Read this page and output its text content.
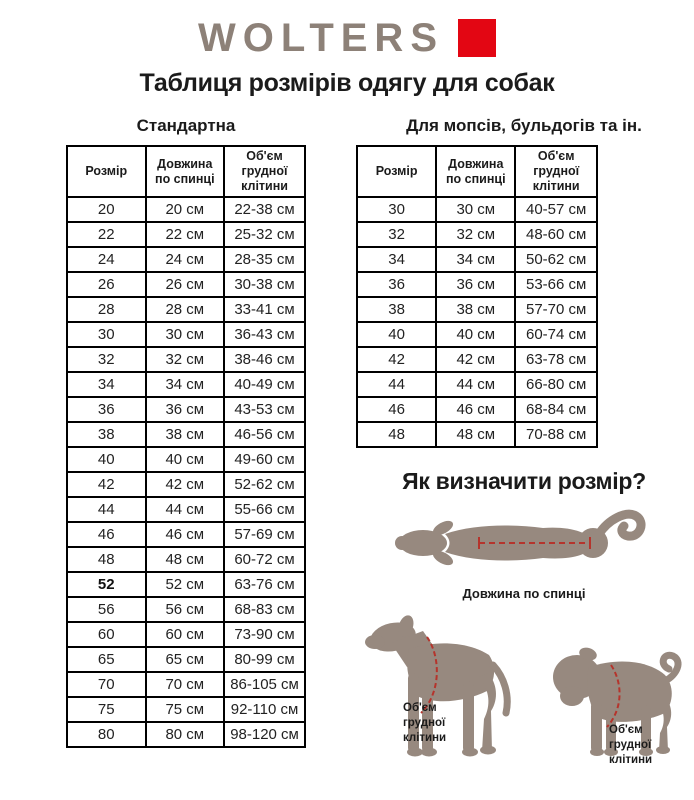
WOLTERS
Таблиця розмірів одягу для собак
Стандартна
Розмір	Довжина по спинці	Об'єм грудної клітини
20	20 см	22-38 см
22	22 см	25-32 см
24	24 см	28-35 см
26	26 см	30-38 см
28	28 см	33-41 см
30	30 см	36-43 см
32	32 см	38-46 см
34	34 см	40-49 см
36	36 см	43-53 см
38	38 см	46-56 см
40	40 см	49-60 см
42	42 см	52-62 см
44	44 см	55-66 см
46	46 см	57-69 см
48	48 см	60-72 см
52	52 см	63-76 см
56	56 см	68-83 см
60	60 см	73-90 см
65	65 см	80-99 см
70	70 см	86-105 см
75	75 см	92-110 см
80	80 см	98-120 см
Для мопсів, бульдогів та ін.
Розмір	Довжина по спинці	Об'єм грудної клітини
30	30 см	40-57 см
32	32 см	48-60 см
34	34 см	50-62 см
36	36 см	53-66 см
38	38 см	57-70 см
40	40 см	60-74 см
42	42 см	63-78 см
44	44 см	66-80 см
46	46 см	68-84 см
48	48 см	70-88 см
Як визначити розмір?
Довжина по спинці
Об'єм
грудної
клітини
Об'єм
грудної
клітини
